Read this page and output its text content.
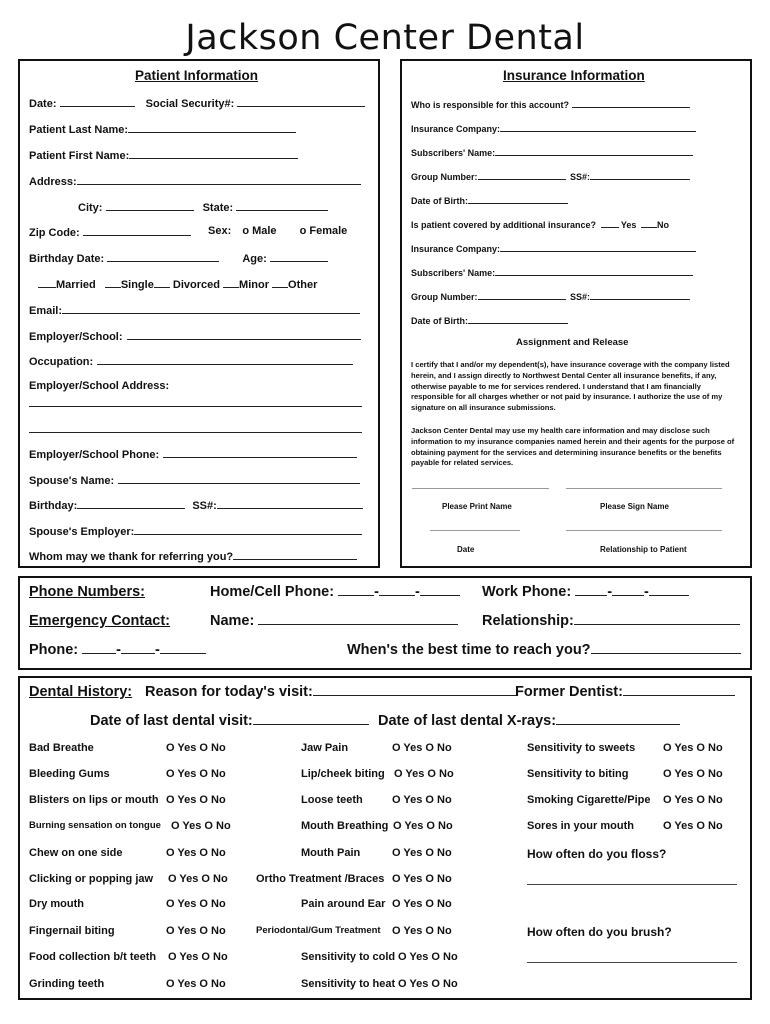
Jackson Center Dental
Patient Information
Date:	Social Security#:
Patient Last Name:
Patient First Name:
Address:
City:	State:
Zip Code:	Sex: o Male o Female
Birthday Date:	Age:
Married Single Divorced Minor Other
Email:
Employer/School:
Occupation:
Employer/School Address:
Employer/School Phone:
Spouse's Name:
Birthday:	SS#:
Spouse's Employer:
Whom may we thank for referring you?
Insurance Information
Who is responsible for this account?
Insurance Company:
Subscribers' Name:
Group Number:	SS#:
Date of Birth:
Is patient covered by additional insurance?	Yes No
Insurance Company:
Subscribers' Name:
Group Number:	SS#:
Date of Birth:
Assignment and Release
I certify that I and/or my dependent(s), have insurance coverage with the company listed herein, and I assign directly to Northwest Dental Center all insurance benefits, if any, otherwise payable to me for services rendered. I understand that I am financially responsible for all charges whether or not paid by insurance. I authorize the use of my signature on all insurance submissions.
Jackson Center Dental may use my health care information and may disclose such information to my insurance companies named herein and their agents for the purpose of obtaining payment for the services and determining insurance benefits or the benefits payable for related services.
Please Print Name	Please Sign Name
Date	Relationship to Patient
Phone Numbers:	Home/Cell Phone:	- -	Work Phone: - -
Emergency Contact:	Name:	Relationship:
Phone:	- -	When's the best time to reach you?
Dental History: Reason for today's visit:	Former Dentist:
Date of last dental visit:	Date of last dental X-rays:
Bad Breathe	O Yes O No
Bleeding Gums	O Yes O No
Blisters on lips or mouth O Yes O No
Burning sensation on tongue O Yes O No
Chew on one side	O Yes O No
Clicking or popping jaw O Yes O No
Dry mouth	O Yes O No
Fingernail biting	O Yes O No
Food collection b/t teeth O Yes O No
Grinding teeth	O Yes O No
Jaw Pain	O Yes O No
Lip/cheek biting O Yes O No
Loose teeth	O Yes O No
Mouth Breathing O Yes O No
Mouth Pain	O Yes O No
Ortho Treatment /Braces O Yes O No
Pain around Ear O Yes O No
Periodontal/Gum Treatment O Yes O No
Sensitivity to cold O Yes O No
Sensitivity to heat O Yes O No
Sensitivity to sweets	O Yes O No
Sensitivity to biting	O Yes O No
Smoking Cigarette/Pipe O Yes O No
Sores in your mouth	O Yes O No
How often do you floss?
How often do you brush?
